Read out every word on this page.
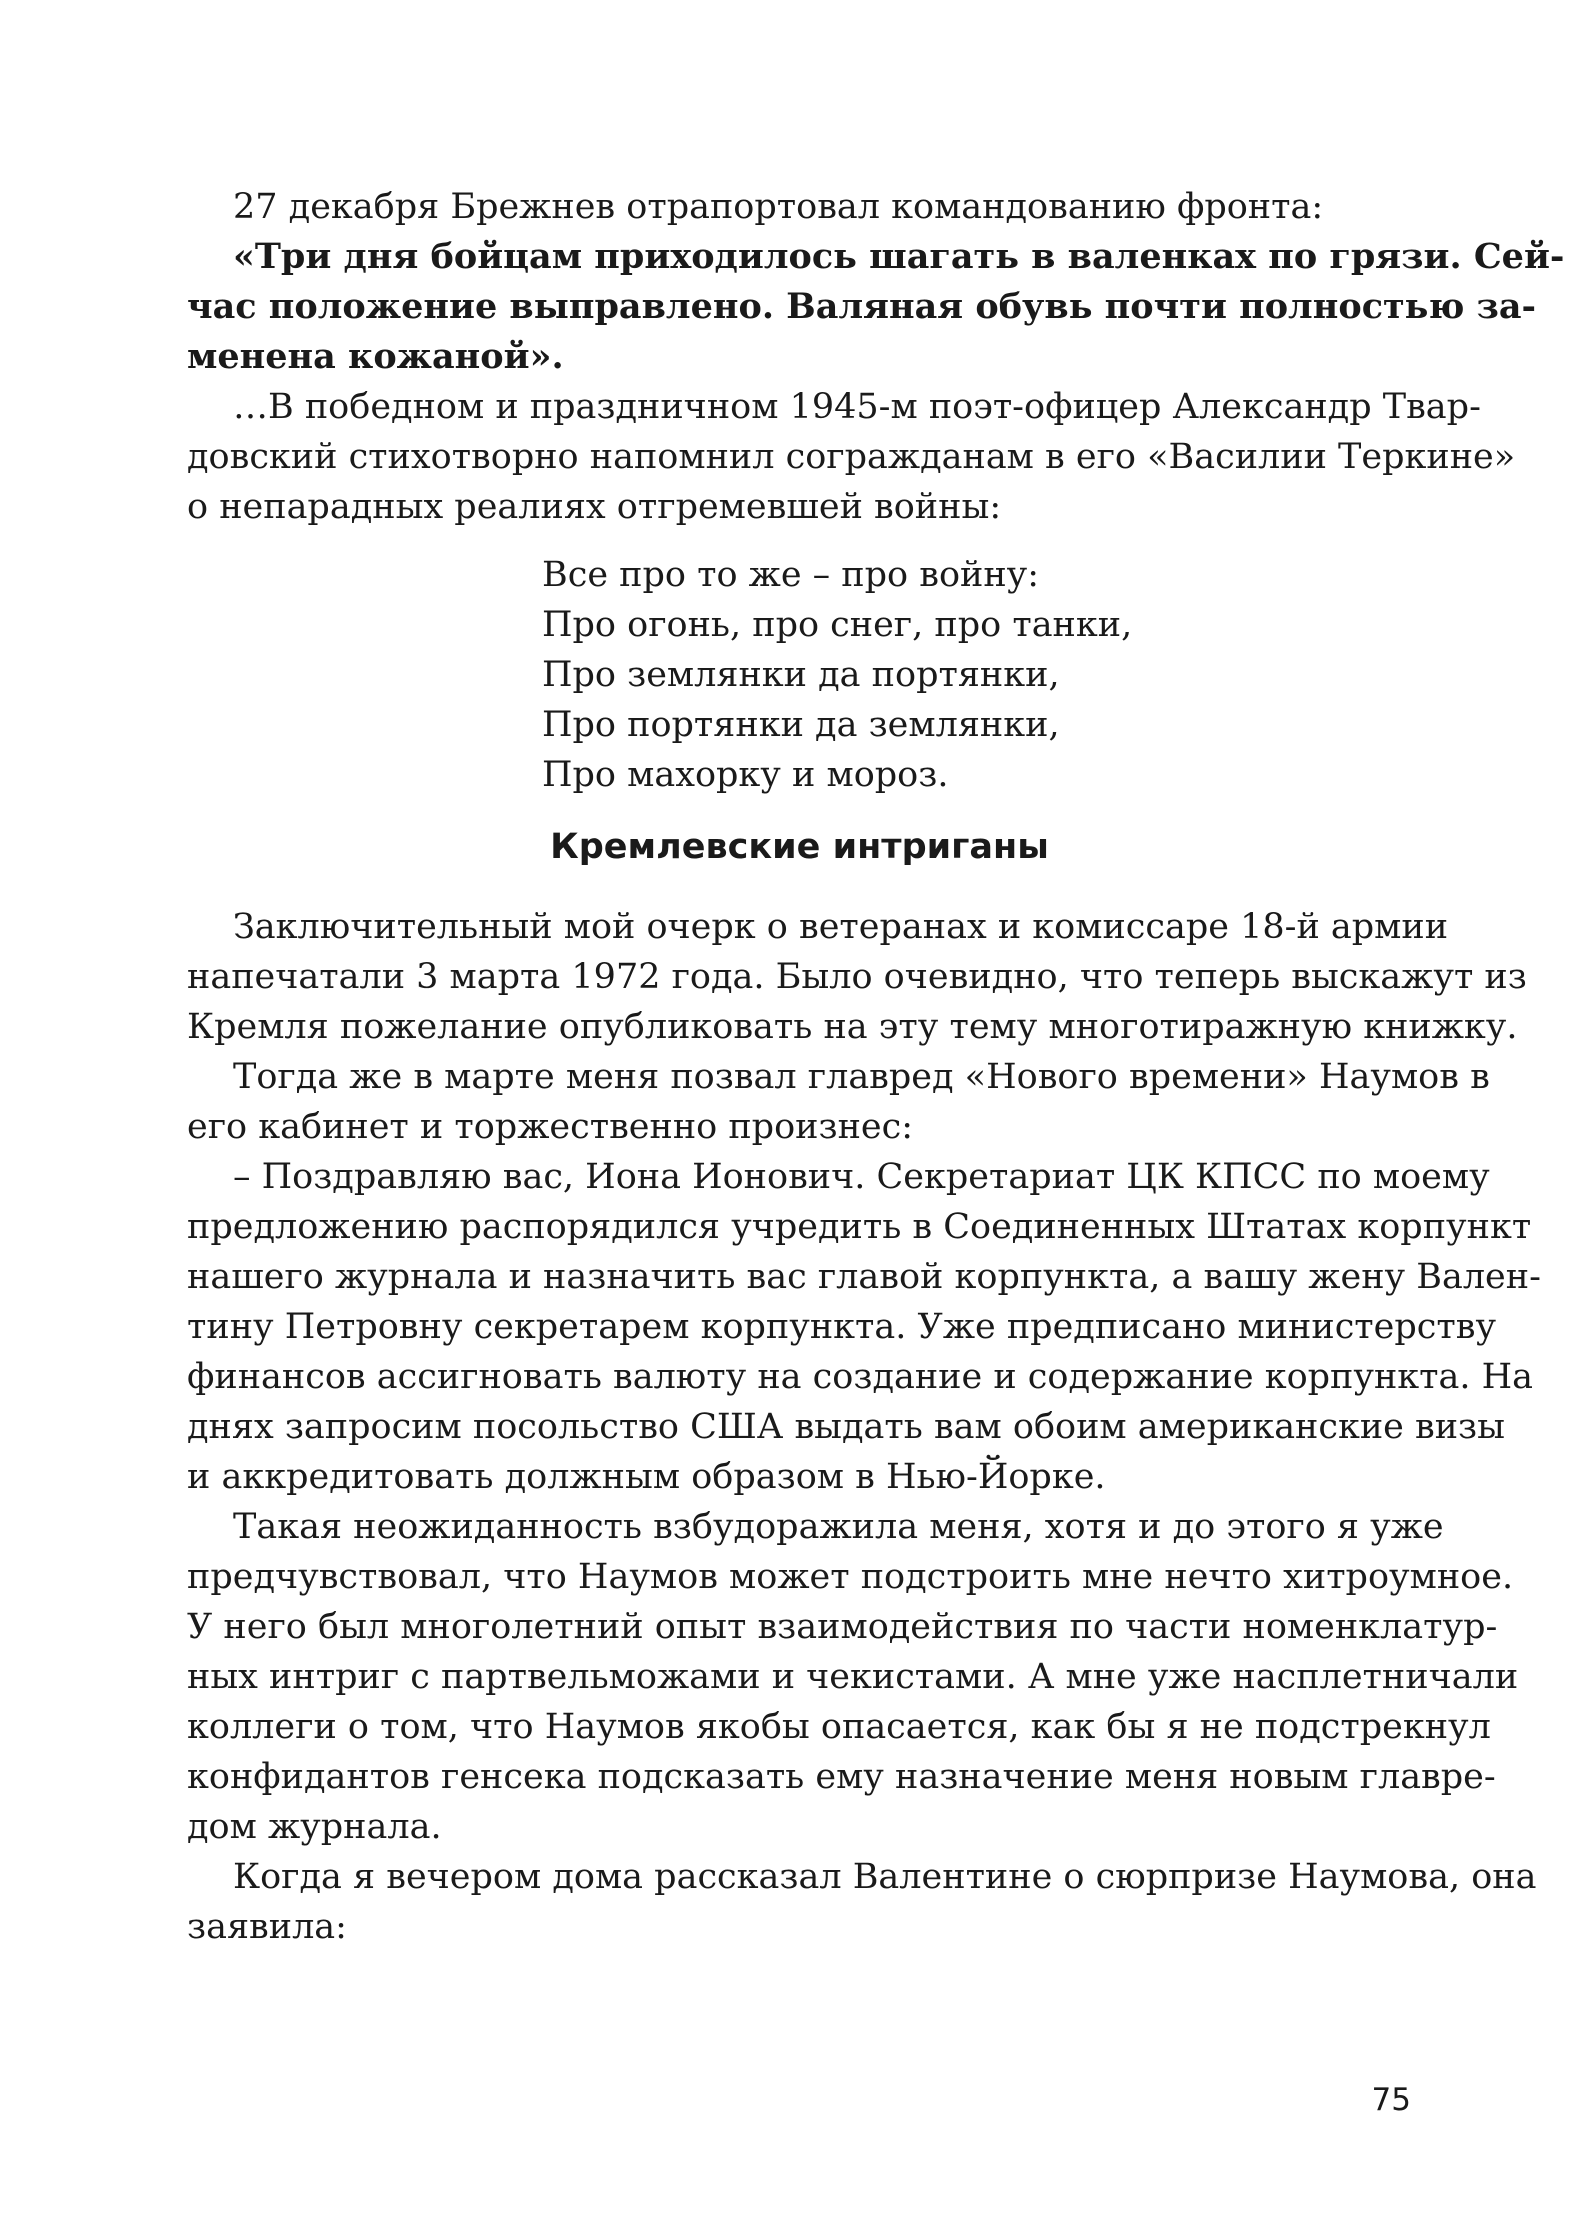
27 декабря Брежнев отрапортовал командованию фронта:
«Три дня бойцам приходилось шагать в валенках по грязи. Сей-
час положение выправлено. Валяная обувь почти полностью за-
менена кожаной».
…В победном и праздничном 1945-м поэт-офицер Александр Твар-
довский стихотворно напомнил согражданам в его «Василии Теркине»
о непарадных реалиях отгремевшей войны:
Все про то же – про войну:
Про огонь, про снег, про танки,
Про землянки да портянки,
Про портянки да землянки,
Про махорку и мороз.
Кремлевские интриганы
Заключительный мой очерк о ветеранах и комиссаре 18-й армии
напечатали 3 марта 1972 года. Было очевидно, что теперь выскажут из
Кремля пожелание опубликовать на эту тему многотиражную книжку.
Тогда же в марте меня позвал главред «Нового времени» Наумов в
его кабинет и торжественно произнес:
– Поздравляю вас, Иона Ионович. Секретариат ЦК КПСС по моему
предложению распорядился учредить в Соединенных Штатах корпункт
нашего журнала и назначить вас главой корпункта, а вашу жену Вален-
тину Петровну секретарем корпункта. Уже предписано министерству
финансов ассигновать валюту на создание и содержание корпункта. На
днях запросим посольство США выдать вам обоим американские визы
и аккредитовать должным образом в Нью-Йорке.
Такая неожиданность взбудоражила меня, хотя и до этого я уже
предчувствовал, что Наумов может подстроить мне нечто хитроумное.
У него был многолетний опыт взаимодействия по части номенклатур-
ных интриг с партвельможами и чекистами. А мне уже насплетничали
коллеги о том, что Наумов якобы опасается, как бы я не подстрекнул
конфидантов генсека подсказать ему назначение меня новым главре-
дом журнала.
Когда я вечером дома рассказал Валентине о сюрпризе Наумова, она
заявила:
75
